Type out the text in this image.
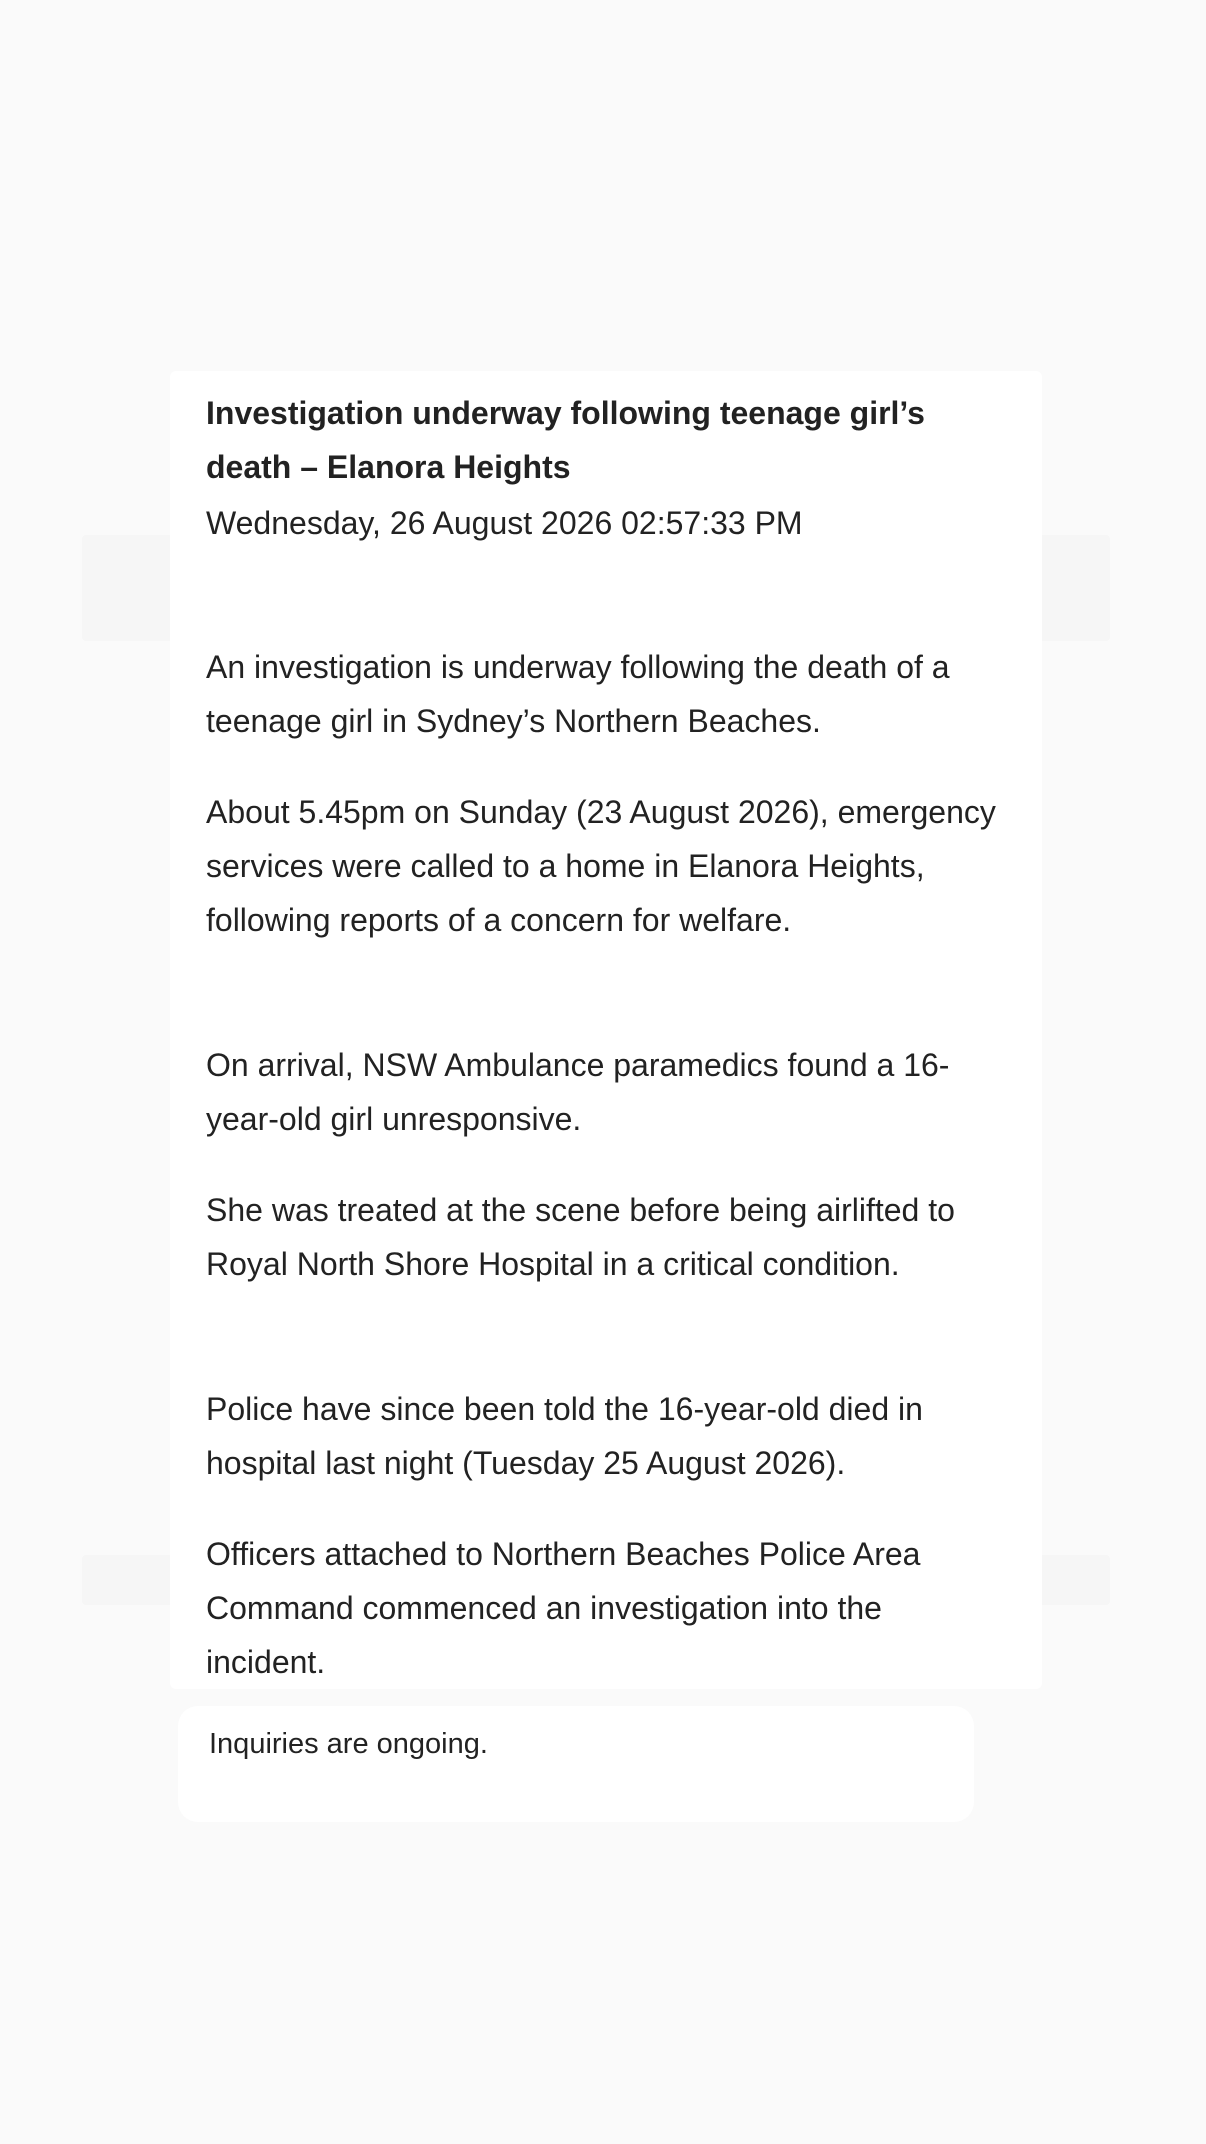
Investigation underway following teenage girl’s death – Elanora Heights
Wednesday, 26 August 2026 02:57:33 PM

An investigation is underway following the death of a teenage girl in Sydney’s Northern Beaches.

About 5.45pm on Sunday (23 August 2026), emergency services were called to a home in Elanora Heights, following reports of a concern for welfare.

On arrival, NSW Ambulance paramedics found a 16-year-old girl unresponsive.

She was treated at the scene before being airlifted to Royal North Shore Hospital in a critical condition.

Police have since been told the 16-year-old died in hospital last night (Tuesday 25 August 2026).

Officers attached to Northern Beaches Police Area Command commenced an investigation into the incident.

Inquiries are ongoing.
